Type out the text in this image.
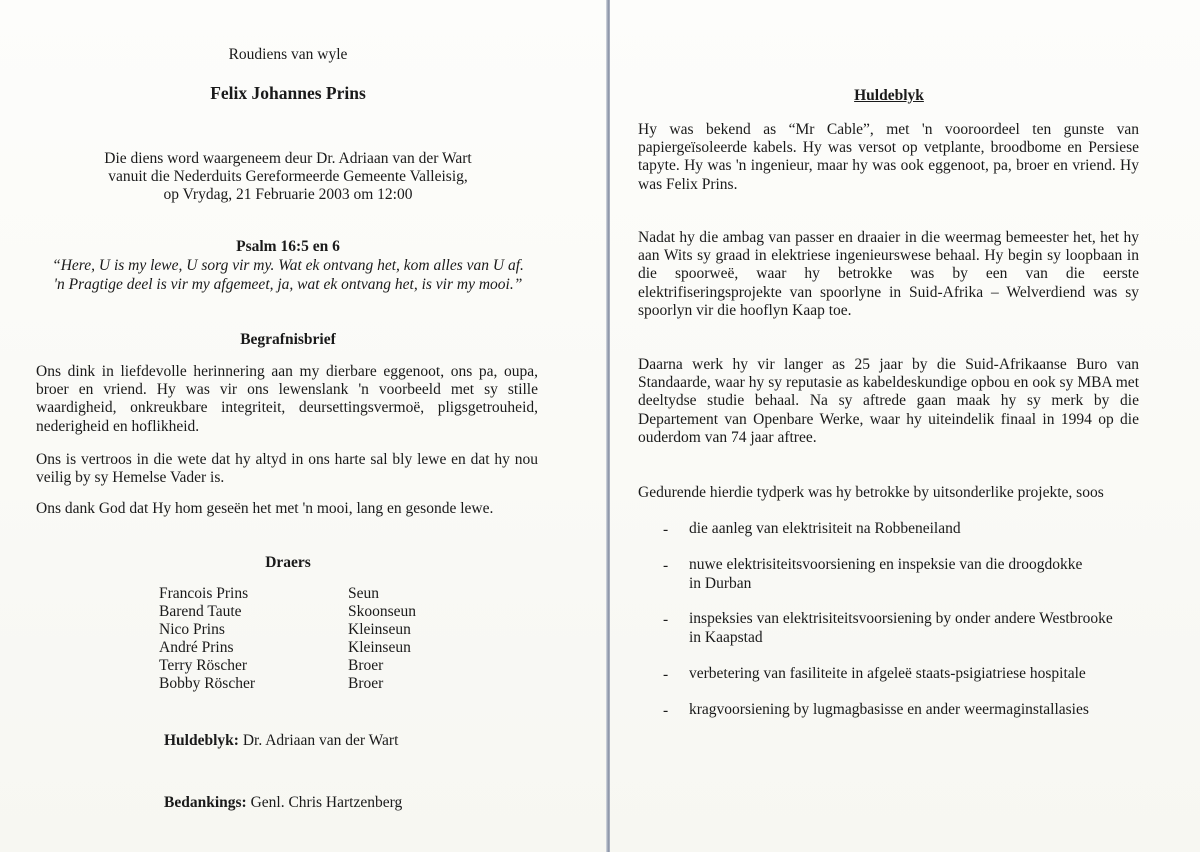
Roudiens van wyle
Felix Johannes Prins
Die diens word waargeneem deur Dr. Adriaan van der Wart
vanuit die Nederduits Gereformeerde Gemeente Valleisig,
op Vrydag, 21 Februarie 2003 om 12:00
Psalm 16:5 en 6
“Here, U is my lewe, U sorg vir my. Wat ek ontvang het, kom alles van U af.
'n Pragtige deel is vir my afgemeet, ja, wat ek ontvang het, is vir my mooi.”
Begrafnisbrief
Ons dink in liefdevolle herinnering aan my dierbare eggenoot, ons pa, oupa, broer en vriend. Hy was vir ons lewenslank 'n voorbeeld met sy stille waardigheid, onkreukbare integriteit, deursettingsvermoë, pligsgetrouheid, nederigheid en hoflikheid.
Ons is vertroos in die wete dat hy altyd in ons harte sal bly lewe en dat hy nou veilig by sy Hemelse Vader is.
Ons dank God dat Hy hom geseën het met 'n mooi, lang en gesonde lewe.
Draers
Francois Prins	Seun
Barend Taute	Skoonseun
Nico Prins	Kleinseun
André Prins	Kleinseun
Terry Röscher	Broer
Bobby Röscher	Broer
Huldeblyk: Dr. Adriaan van der Wart
Bedankings: Genl. Chris Hartzenberg
Huldeblyk
Hy was bekend as “Mr Cable”, met 'n vooroordeel ten gunste van papiergeïsoleerde kabels. Hy was versot op vetplante, broodbome en Persiese tapyte. Hy was 'n ingenieur, maar hy was ook eggenoot, pa, broer en vriend. Hy was Felix Prins.
Nadat hy die ambag van passer en draaier in die weermag bemeester het, het hy aan Wits sy graad in elektriese ingenieurswese behaal. Hy begin sy loopbaan in die spoorweë, waar hy betrokke was by een van die eerste elektrifiseringsprojekte van spoorlyne in Suid-Afrika – Welverdiend was sy spoorlyn vir die hooflyn Kaap toe.
Daarna werk hy vir langer as 25 jaar by die Suid-Afrikaanse Buro van Standaarde, waar hy sy reputasie as kabeldeskundige opbou en ook sy MBA met deeltydse studie behaal. Na sy aftrede gaan maak hy sy merk by die Departement van Openbare Werke, waar hy uiteindelik finaal in 1994 op die ouderdom van 74 jaar aftree.
Gedurende hierdie tydperk was hy betrokke by uitsonderlike projekte, soos
- die aanleg van elektrisiteit na Robbeneiland
- nuwe elektrisiteitsvoorsiening en inspeksie van die droogdokke
in Durban
- inspeksies van elektrisiteitsvoorsiening by onder andere Westbrooke
in Kaapstad
- verbetering van fasiliteite in afgeleë staats-psigiatriese hospitale
- kragvoorsiening by lugmagbasisse en ander weermaginstallasies
